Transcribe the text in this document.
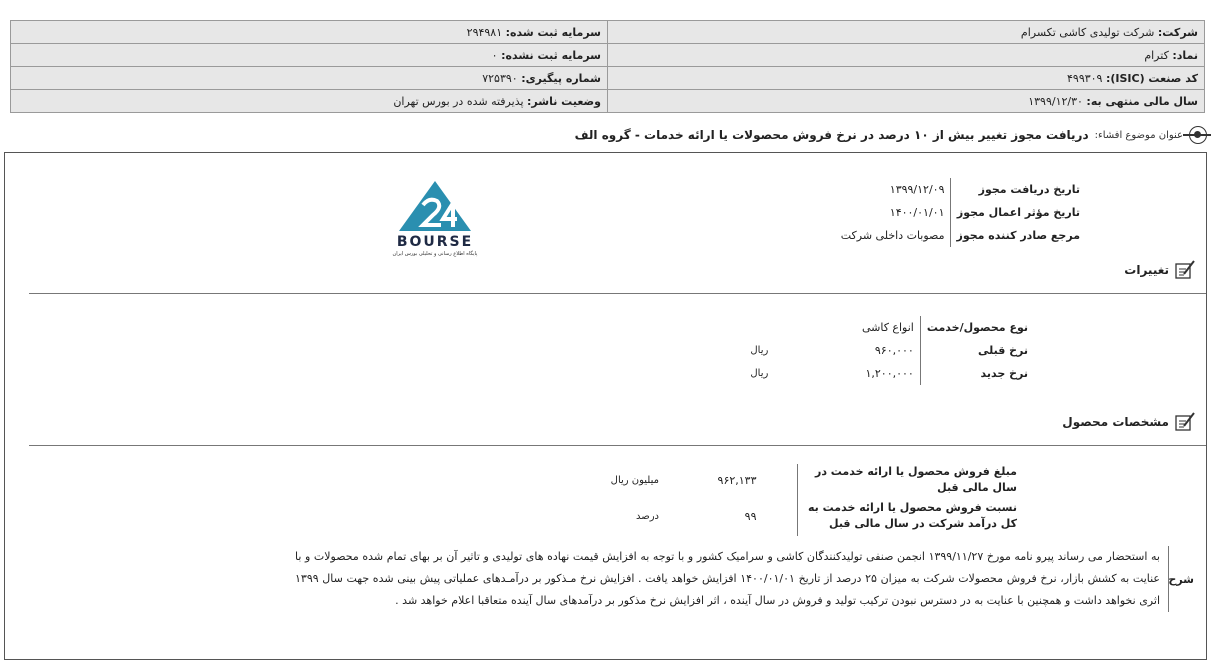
سرمایه ثبت شده: ۲۹۴۹۸۱	شرکت: شرکت تولیدی کاشی تکسرام
سرمایه ثبت نشده: ۰	نماد: کترام
شماره پیگیری: ۷۲۵۳۹۰	کد صنعت (ISIC): ۴۹۹۳۰۹
وضعیت ناشر: پذیرفته شده در بورس تهران	سال مالی منتهی به: ۱۳۹۹/۱۲/۳۰
عنوان موضوع افشاء:
دریافت مجوز تغییر بیش از ۱۰ درصد در نرخ فروش محصولات یا ارائه خدمات - گروه الف
تاریخ دریافت مجوز	۱۳۹۹/۱۲/۰۹
تاریخ مؤثر اعمال مجوز	۱۴۰۰/۰۱/۰۱
مرجع صادر کننده مجوز	مصوبات داخلی شرکت
BOURSE
پایگاه اطلاع رسانی و تحلیلی بورس ایران
تغییرات
نوع محصول/خدمت	انواع کاشی	
نرخ قبلی	۹۶۰,۰۰۰	ریال
نرخ جدید	۱,۲۰۰,۰۰۰	ریال
مشخصات محصول
مبلغ فروش محصول یا ارائه خدمت در سال مالی قبل	۹۶۲,۱۳۳	میلیون ریال
نسبت فروش محصول یا ارائه خدمت به کل درآمد شرکت در سال مالی قبل	۹۹	درصد
شرح
به استحضار می رساند پیرو نامه مورخ ۱۳۹۹/۱۱/۲۷ انجمن صنفی تولیدکنندگان کاشی و سرامیک کشور و با توجه به افزایش قیمت نهاده های تولیدی و تاثیر آن بر بهای تمام شده محصولات و با عنایت به کشش بازار، نرخ فروش محصولات شرکت به میزان ۲۵ درصد از تاریخ ۱۴۰۰/۰۱/۰۱ افزایش خواهد یافت . افزایش نرخ مـذکور بر درآمـدهای عملیاتی پیش بینی شده جهت سال ۱۳۹۹ اثری نخواهد داشت و همچنین با عنایت به در دسترس نبودن ترکیب تولید و فروش در سال آینده ، اثر افزایش نرخ مذکور بر درآمدهای سال آینده متعاقبا اعلام خواهد شد .
